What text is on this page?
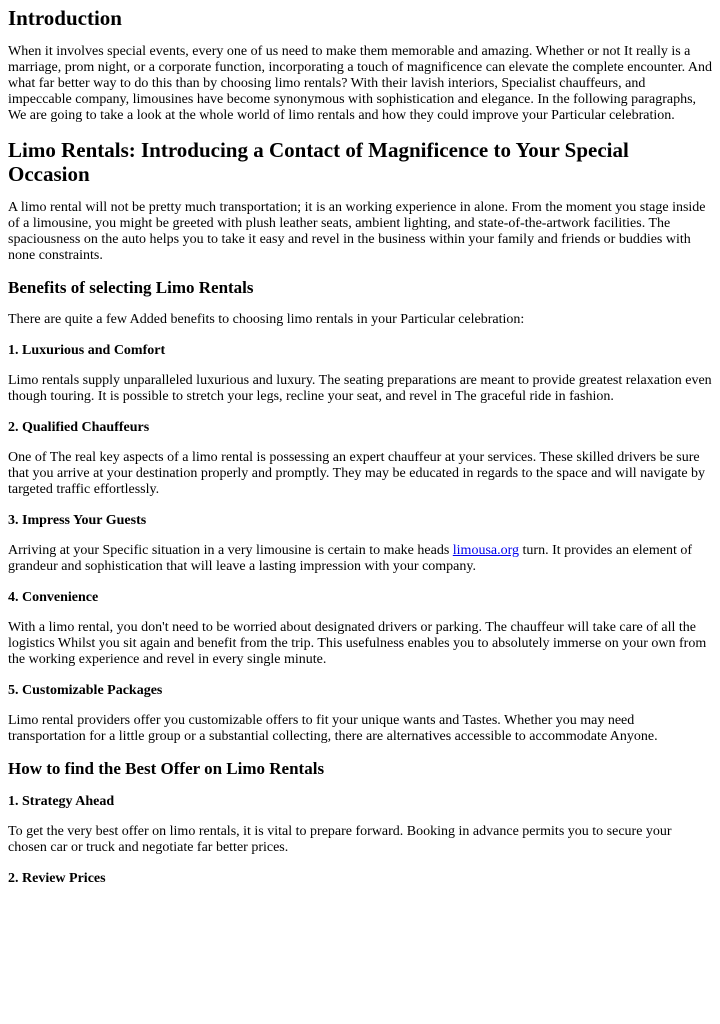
Introduction

When it involves special events, every one of us need to make them memorable and amazing. Whether or not It really is a marriage, prom night, or a corporate function, incorporating a touch of magnificence can elevate the complete encounter. And what far better way to do this than by choosing limo rentals? With their lavish interiors, Specialist chauffeurs, and impeccable company, limousines have become synonymous with sophistication and elegance. In the following paragraphs, We are going to take a look at the whole world of limo rentals and how they could improve your Particular celebration.

Limo Rentals: Introducing a Contact of Magnificence to Your Special Occasion

A limo rental will not be pretty much transportation; it is an working experience in alone. From the moment you stage inside of a limousine, you might be greeted with plush leather seats, ambient lighting, and state-of-the-artwork facilities. The spaciousness on the auto helps you to take it easy and revel in the business within your family and friends or buddies with none constraints.

Benefits of selecting Limo Rentals

There are quite a few Added benefits to choosing limo rentals in your Particular celebration:

1. Luxurious and Comfort

Limo rentals supply unparalleled luxurious and luxury. The seating preparations are meant to provide greatest relaxation even though touring. It is possible to stretch your legs, recline your seat, and revel in The graceful ride in fashion.

2. Qualified Chauffeurs

One of The real key aspects of a limo rental is possessing an expert chauffeur at your services. These skilled drivers be sure that you arrive at your destination properly and promptly. They may be educated in regards to the space and will navigate by targeted traffic effortlessly.

3. Impress Your Guests

Arriving at your Specific situation in a very limousine is certain to make heads limousa.org turn. It provides an element of grandeur and sophistication that will leave a lasting impression with your company.

4. Convenience

With a limo rental, you don't need to be worried about designated drivers or parking. The chauffeur will take care of all the logistics Whilst you sit again and benefit from the trip. This usefulness enables you to absolutely immerse on your own from the working experience and revel in every single minute.

5. Customizable Packages

Limo rental providers offer you customizable offers to fit your unique wants and Tastes. Whether you may need transportation for a little group or a substantial collecting, there are alternatives accessible to accommodate Anyone.

How to find the Best Offer on Limo Rentals
1. Strategy Ahead

To get the very best offer on limo rentals, it is vital to prepare forward. Booking in advance permits you to secure your chosen car or truck and negotiate far better prices.

2. Review Prices
